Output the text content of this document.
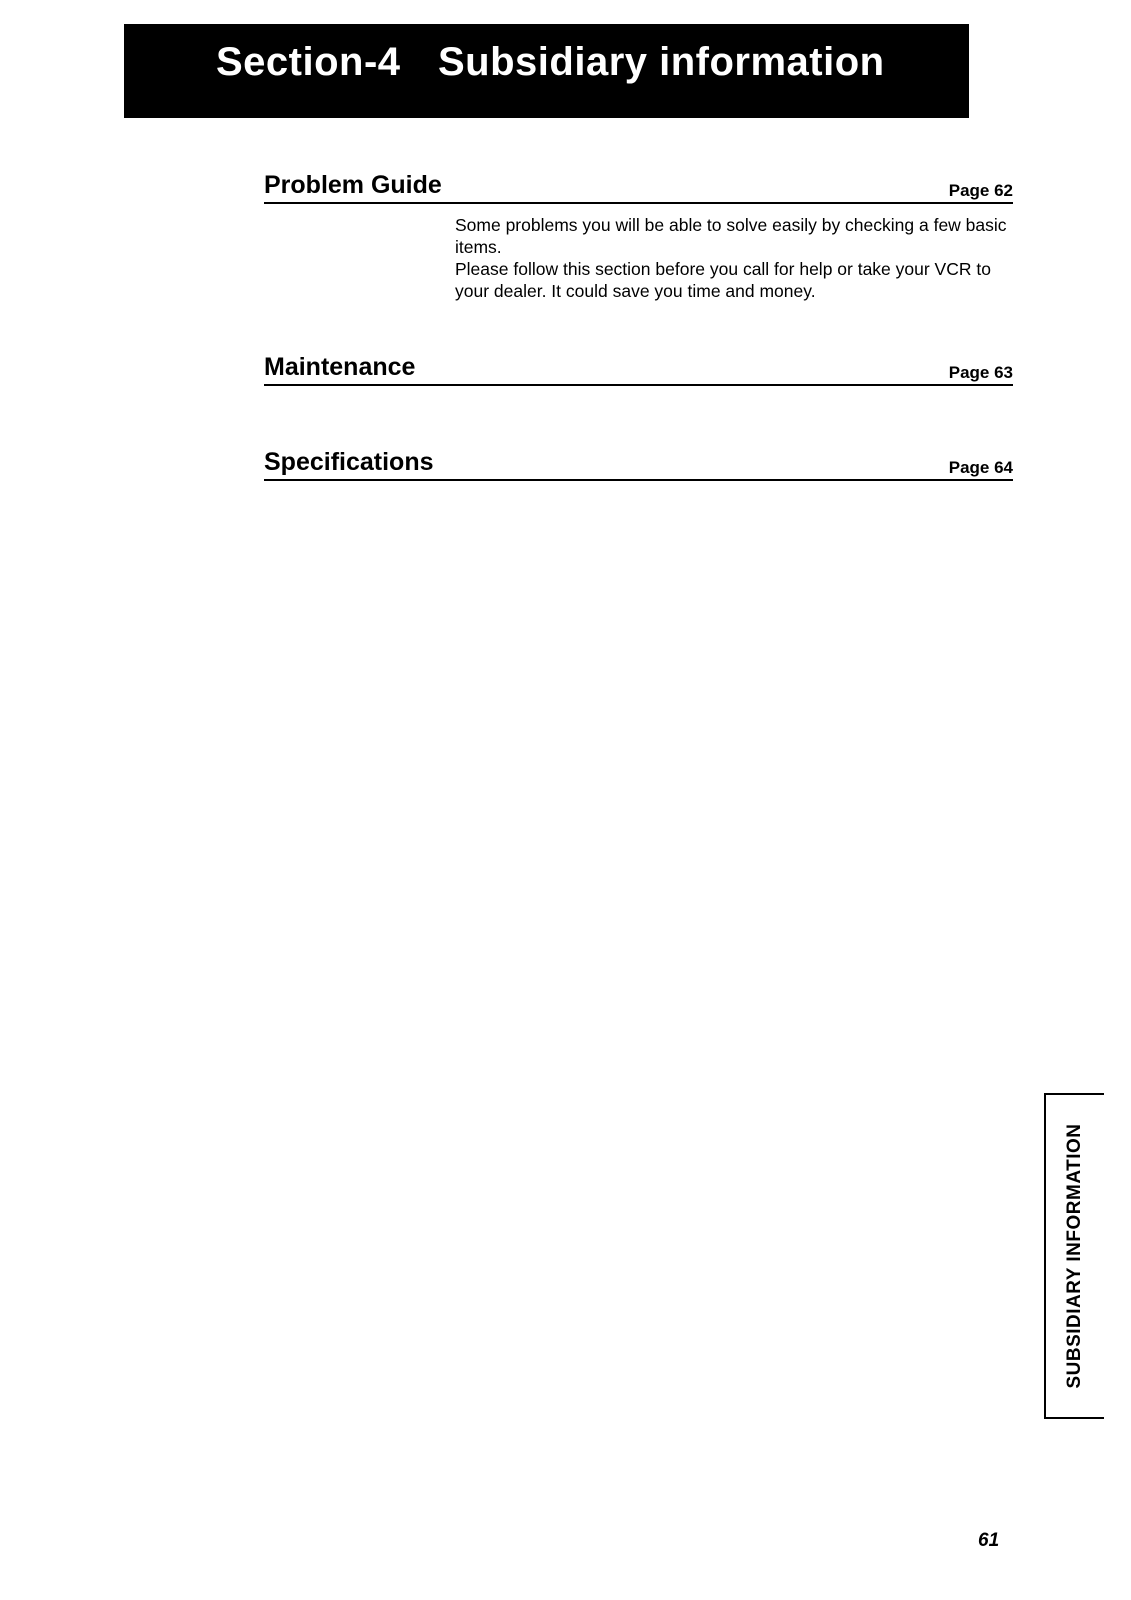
Section-4 Subsidiary information
Problem Guide	Page 62

Some problems you will be able to solve easily by checking a few basic items.

Please follow this section before you call for help or take your VCR to your dealer. It could save you time and money.

Maintenance	Page 63
Specifications	Page 64
SUBSIDIARY INFORMATION
61
